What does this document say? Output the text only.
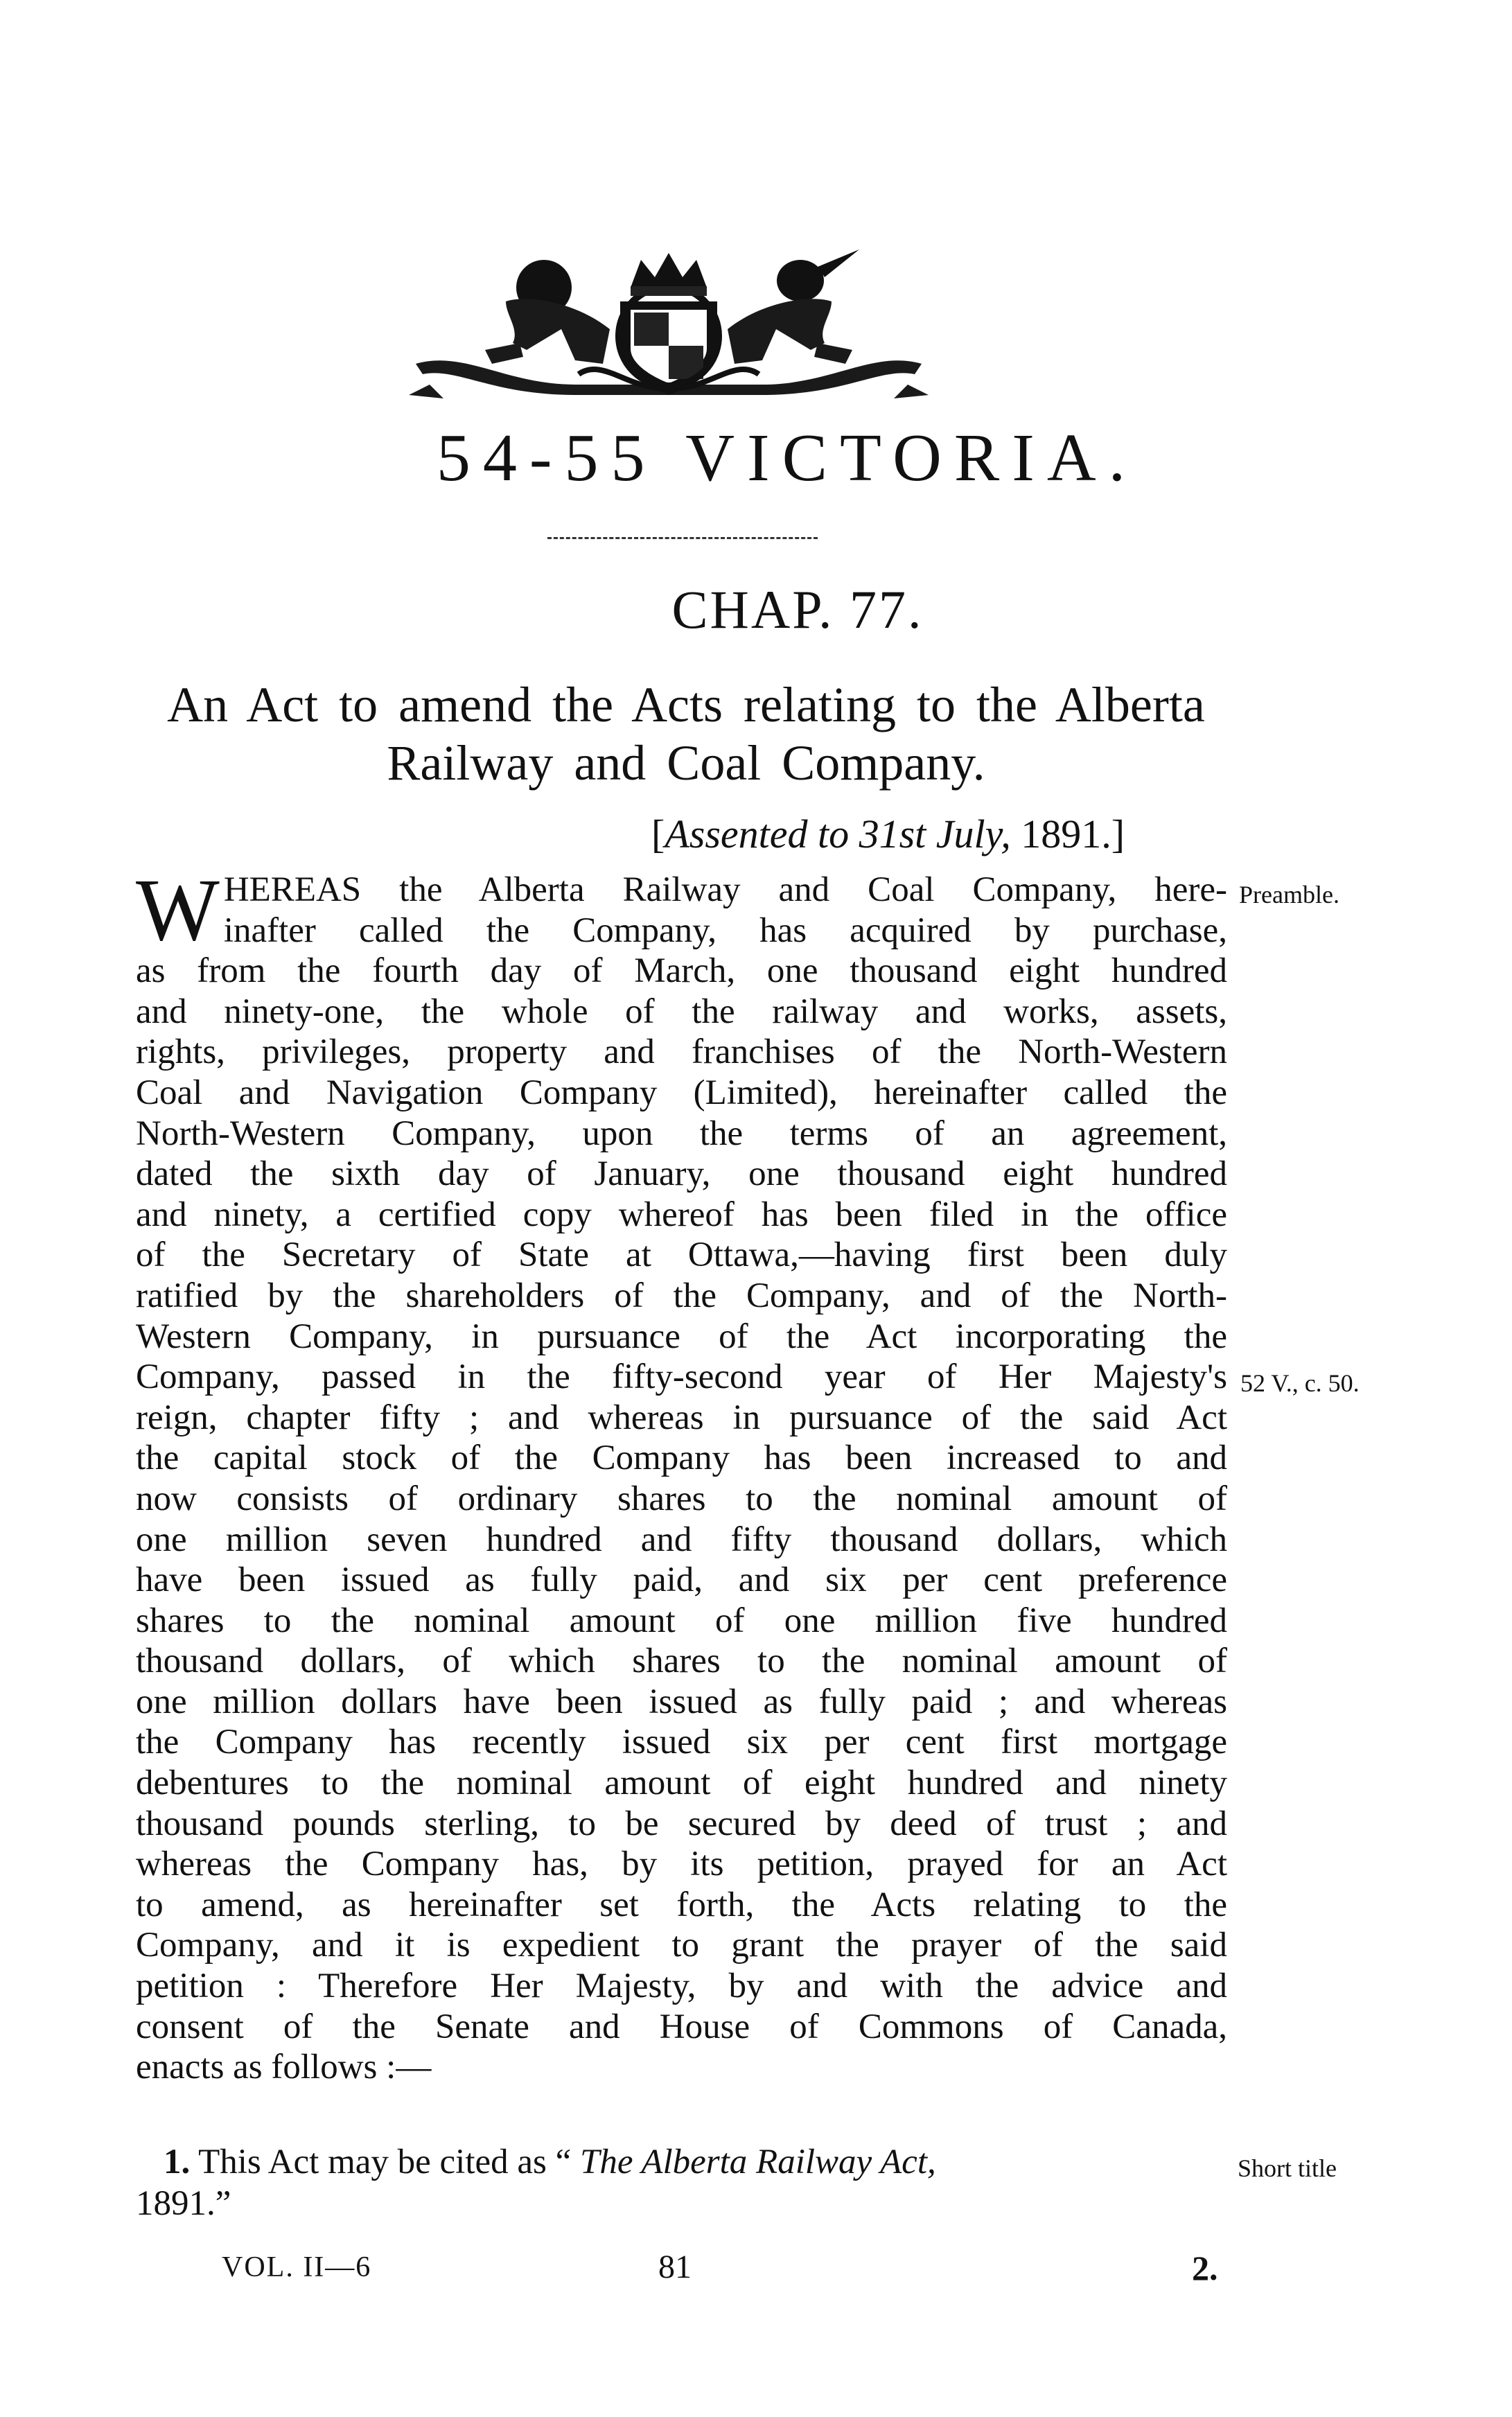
54-55 VICTORIA.
CHAP. 77.
An Act to amend the Acts relating to the Alberta
Railway and Coal Company.
[Assented to 31st July, 1891.]
Preamble.
52 V., c. 50.
Short title
W HEREAS the Alberta Railway and Coal Company, here-
inafter called the Company, has acquired by purchase,
as from the fourth day of March, one thousand eight hundred
and ninety-one, the whole of the railway and works, assets,
rights, privileges, property and franchises of the North-Western
Coal and Navigation Company (Limited), hereinafter called the
North-Western Company, upon the terms of an agreement,
dated the sixth day of January, one thousand eight hundred
and ninety, a certified copy whereof has been filed in the office
of the Secretary of State at Ottawa,—having first been duly
ratified by the shareholders of the Company, and of the North-
Western Company, in pursuance of the Act incorporating the
Company, passed in the fifty-second year of Her Majesty's
reign, chapter fifty ; and whereas in pursuance of the said Act
the capital stock of the Company has been increased to and
now consists of ordinary shares to the nominal amount of
one million seven hundred and fifty thousand dollars, which
have been issued as fully paid, and six per cent preference
shares to the nominal amount of one million five hundred
thousand dollars, of which shares to the nominal amount of
one million dollars have been issued as fully paid ; and whereas
the Company has recently issued six per cent first mortgage
debentures to the nominal amount of eight hundred and ninety
thousand pounds sterling, to be secured by deed of trust ; and
whereas the Company has, by its petition, prayed for an Act
to amend, as hereinafter set forth, the Acts relating to the
Company, and it is expedient to grant the prayer of the said
petition : Therefore Her Majesty, by and with the advice and
consent of the Senate and House of Commons of Canada,
enacts as follows :—
1. This Act may be cited as “ The Alberta Railway Act,
1891.”
VOL. II—6	81	2.
